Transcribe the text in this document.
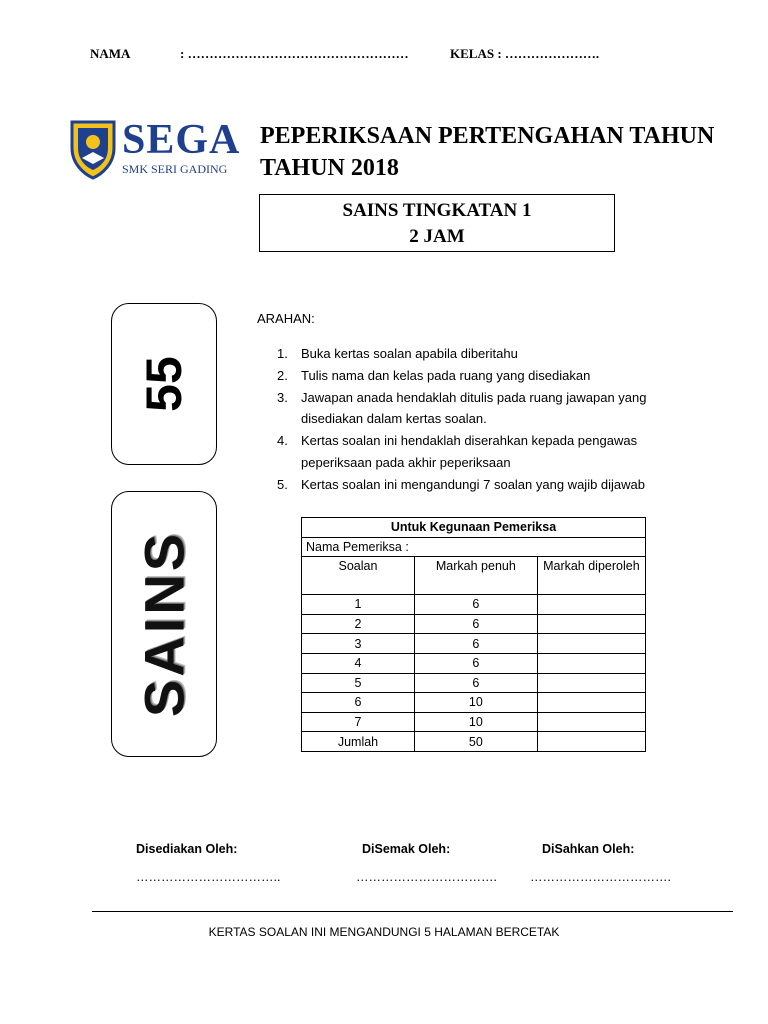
NAMA	: ……………………………………………	KELAS : ………………….
SEGA
SMK SERI GADING
PEPERIKSAAN PERTENGAHAN TAHUN
TAHUN 2018
SAINS TINGKATAN 1
2 JAM
55
SAINS
ARAHAN:
1. Buka kertas soalan apabila diberitahu
2. Tulis nama dan kelas pada ruang yang disediakan
3. Jawapan anada hendaklah ditulis pada ruang jawapan yang disediakan dalam kertas soalan.
4. Kertas soalan ini hendaklah diserahkan kepada pengawas peperiksaan pada akhir peperiksaan
5. Kertas soalan ini mengandungi 7 soalan yang wajib dijawab
Untuk Kegunaan Pemeriksa		
Nama Pemeriksa :		
Soalan	Markah penuh	Markah diperoleh
1	6	
2	6	
3	6	
4	6	
5	6	
6	10	
7	10	
Jumlah	50	
Disediakan Oleh:	DiSemak Oleh:	DiSahkan Oleh:
……………………………..	…………………………….	…………………………….
KERTAS SOALAN INI MENGANDUNGI 5 HALAMAN BERCETAK
